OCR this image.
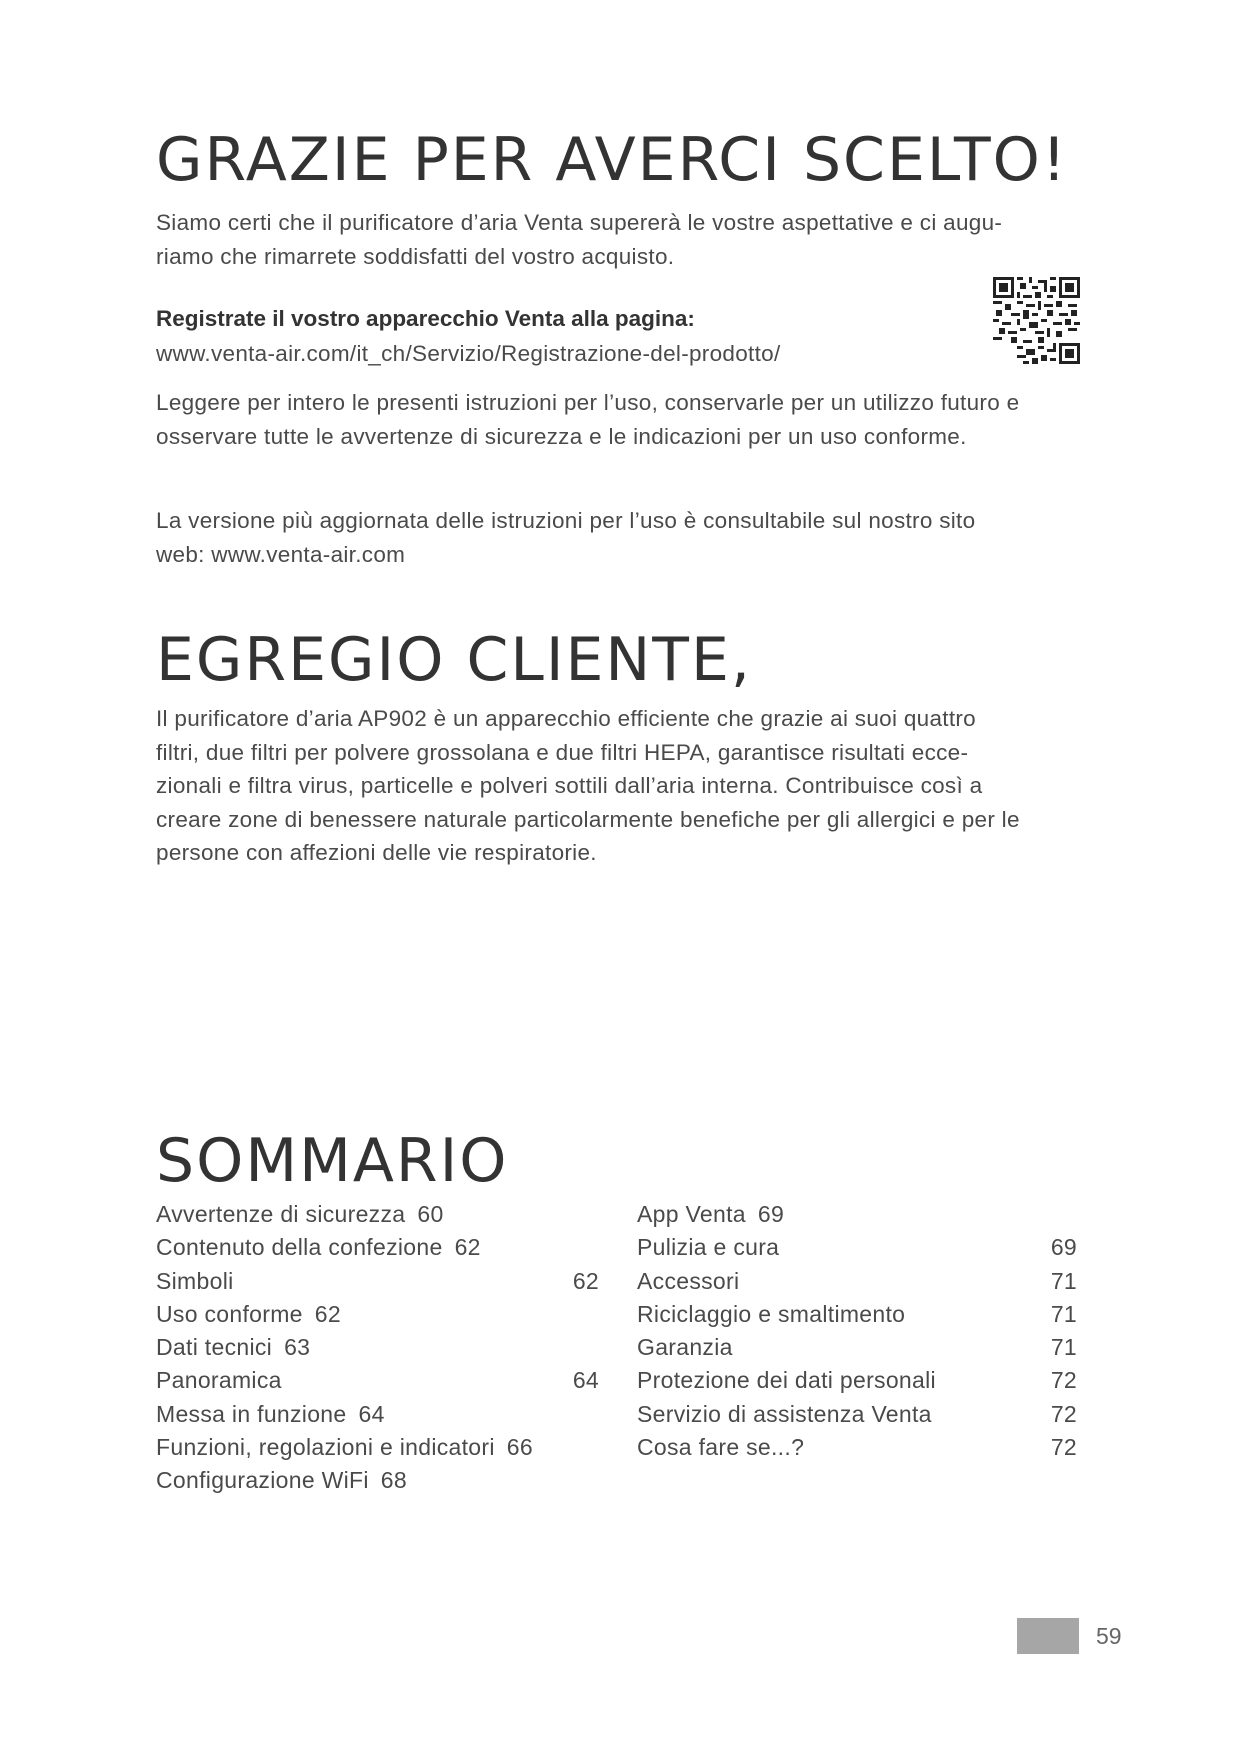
GRAZIE PER AVERCI SCELTO!
Siamo certi che il purificatore d’aria Venta supererà le vostre aspettative e ci augu-
riamo che rimarrete soddisfatti del vostro acquisto.

Registrate il vostro apparecchio Venta alla pagina:

www.venta-air.com/it_ch/Servizio/Registrazione-del-prodotto/

Leggere per intero le presenti istruzioni per l’uso, conservarle per un utilizzo futuro e
osservare tutte le avvertenze di sicurezza e le indicazioni per un uso conforme.
La versione più aggiornata delle istruzioni per l’uso è consultabile sul nostro sito
web: www.venta-air.com
EGREGIO CLIENTE,
Il purificatore d’aria AP902 è un apparecchio efficiente che grazie ai suoi quattro
filtri, due filtri per polvere grossolana e due filtri HEPA, garantisce risultati ecce-
zionali e filtra virus, particelle e polveri sottili dall’aria interna. Contribuisce così a
creare zone di benessere naturale particolarmente benefiche per gli allergici e per le
persone con affezioni delle vie respiratorie.
SOMMARIO
Avvertenze di sicurezza 60
Contenuto della confezione 62
Simboli	62
Uso conforme 62
Dati tecnici 63
Panoramica	64
Messa in funzione 64
Funzioni, regolazioni e indicatori 66
Configurazione WiFi 68
App Venta 69
Pulizia e cura	69
Accessori	71
Riciclaggio e smaltimento	71
Garanzia	71
Protezione dei dati personali	72
Servizio di assistenza Venta	72
Cosa fare se...?	72
59
